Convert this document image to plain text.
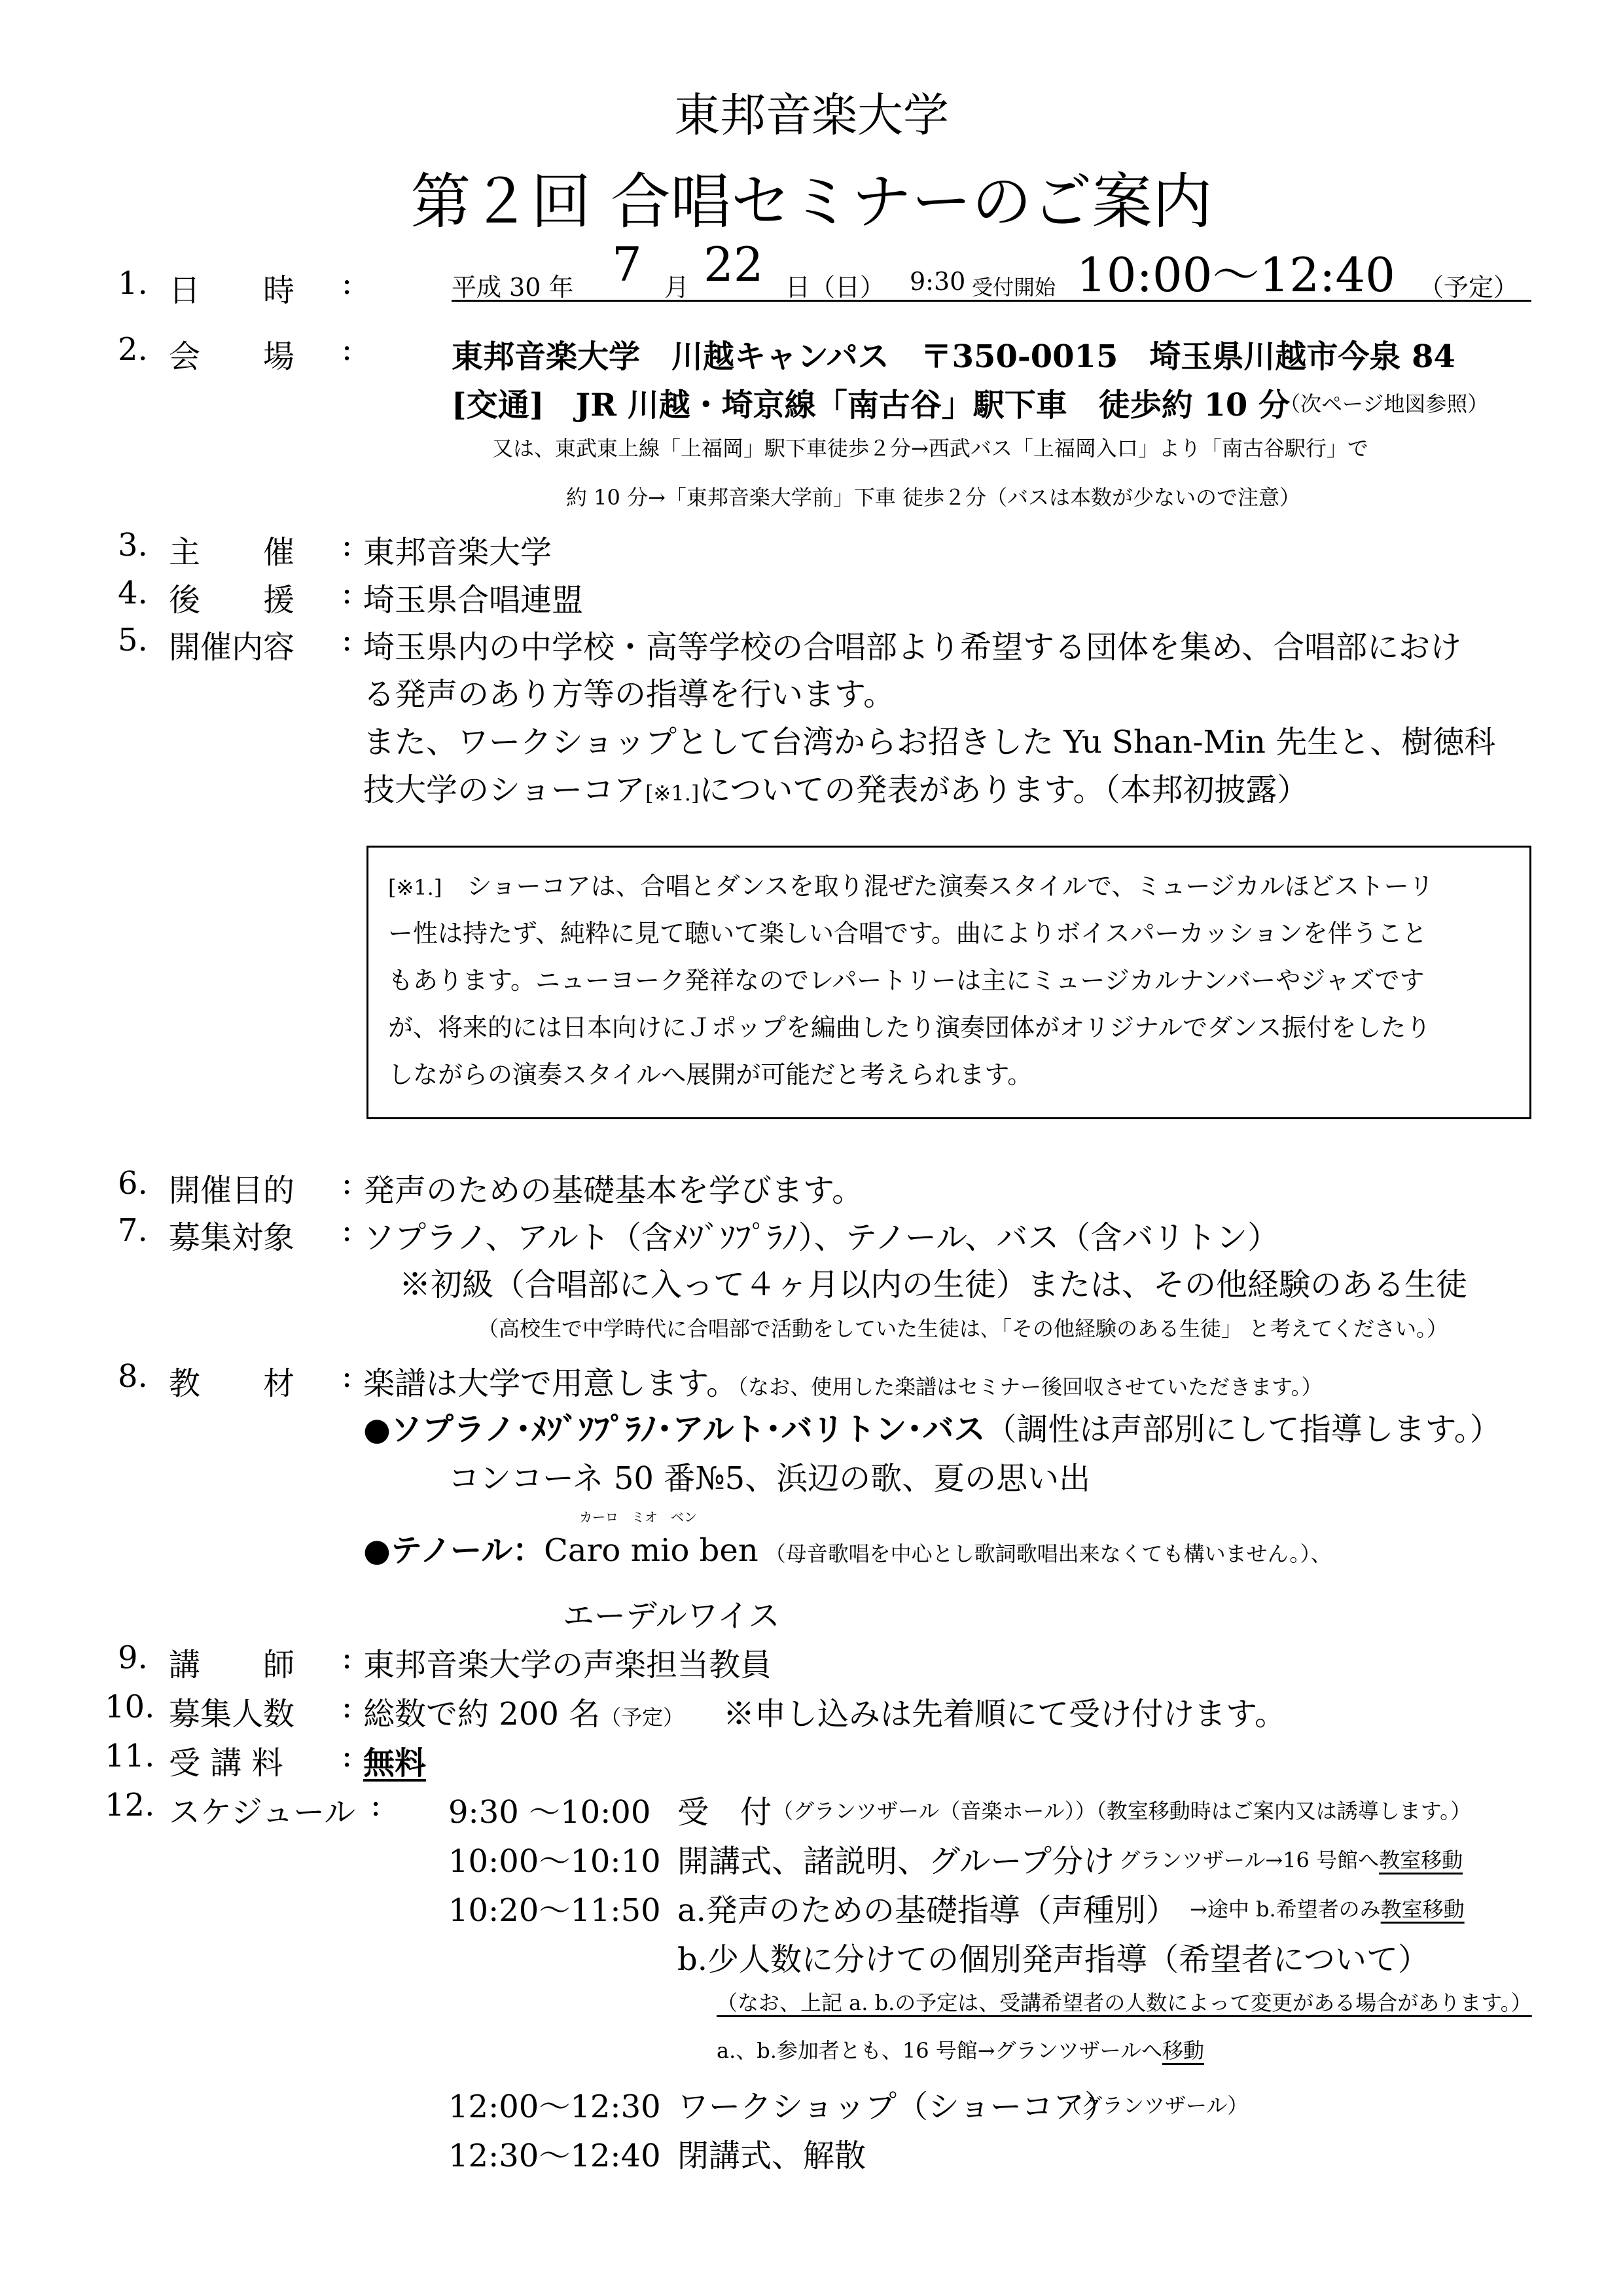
東邦音楽大学
第２回 合唱セミナーのご案内
1. 日　　時 :	平成 30 年 7 月 22 日（日） 9:30 受付開始 10:00～12:40 （予定）
2. 会　　場 :	東邦音楽大学　川越キャンパス　〒350-0015　埼玉県川越市今泉 84
[交通]　JR 川越・埼京線「南古谷」駅下車　徒歩約 10 分
（次ページ地図参照）
又は、東武東上線「上福岡」駅下車徒歩２分→西武バス「上福岡入口」より「南古谷駅行」で
約 10 分→「東邦音楽大学前」下車 徒歩２分（バスは本数が少ないので注意）
3. 主　　催 : 東邦音楽大学
4. 後　　援 : 埼玉県合唱連盟
5. 開催内容 : 埼玉県内の中学校・高等学校の合唱部より希望する団体を集め、合唱部におけ
る発声のあり方等の指導を行います。
また、ワークショップとして台湾からお招きした Yu Shan-Min 先生と、樹徳科
技大学のショーコア[※1.]についての発表があります。（本邦初披露）
[※1.]　 ショーコアは、合唱とダンスを取り混ぜた演奏スタイルで、ミュージカルほどストーリ
ー性は持たず、純粋に見て聴いて楽しい合唱です。曲によりボイスパーカッションを伴うこと
もあります。ニューヨーク発祥なのでレパートリーは主にミュージカルナンバーやジャズです
が、将来的には日本向けにＪポップを編曲したり演奏団体がオリジナルでダンス振付をしたり
しながらの演奏スタイルへ展開が可能だと考えられます。
6. 開催目的 : 発声のための基礎基本を学びます。
7. 募集対象 : ソプラノ、アルト（含ﾒｿﾞｿﾌﾟﾗﾉ）、テノール、バス（含バリトン）
※初級（合唱部に入って４ヶ月以内の生徒）または、その他経験のある生徒
（高校生で中学時代に合唱部で活動をしていた生徒は､「その他経験のある生徒」 と考えてください。）
8. 教　　材 : 楽譜は大学で用意します。（なお、使用した楽譜はセミナー後回収させていただきます。）
●ソプラノ･ﾒｿﾞｿﾌﾟﾗﾉ･アルト･バリトン･バス（調性は声部別にして指導します。）
コンコーネ 50 番№5、浜辺の歌、夏の思い出
カーロ　ミオ　ベン
●テノール：Caro mio ben （母音歌唱を中心とし歌詞歌唱出来なくても構いません。）、
エーデルワイス
9. 講　　師 : 東邦音楽大学の声楽担当教員
10. 募集人数 : 総数で約 200 名（予定） ※申し込みは先着順にて受け付けます。
11. 受 講 料 : 無料
12. スケジュール : 9:30 ～10:00 受　付 （グランツザール（音楽ホール））（教室移動時はご案内又は誘導します。）
10:00～10:10 開講式、諸説明、グループ分け グランツザール→16 号館へ教室移動
10:20～11:50 a.発声のための基礎指導（声種別） →途中 b.希望者のみ教室移動
b.少人数に分けての個別発声指導（希望者について）
（なお、上記 a. b.の予定は、受講希望者の人数によって変更がある場合があります。）
a.、b.参加者とも、16 号館→グランツザールへ移動
12:00～12:30 ワークショップ（ショーコア）
（グランツザール）
12:30～12:40 閉講式、解散
